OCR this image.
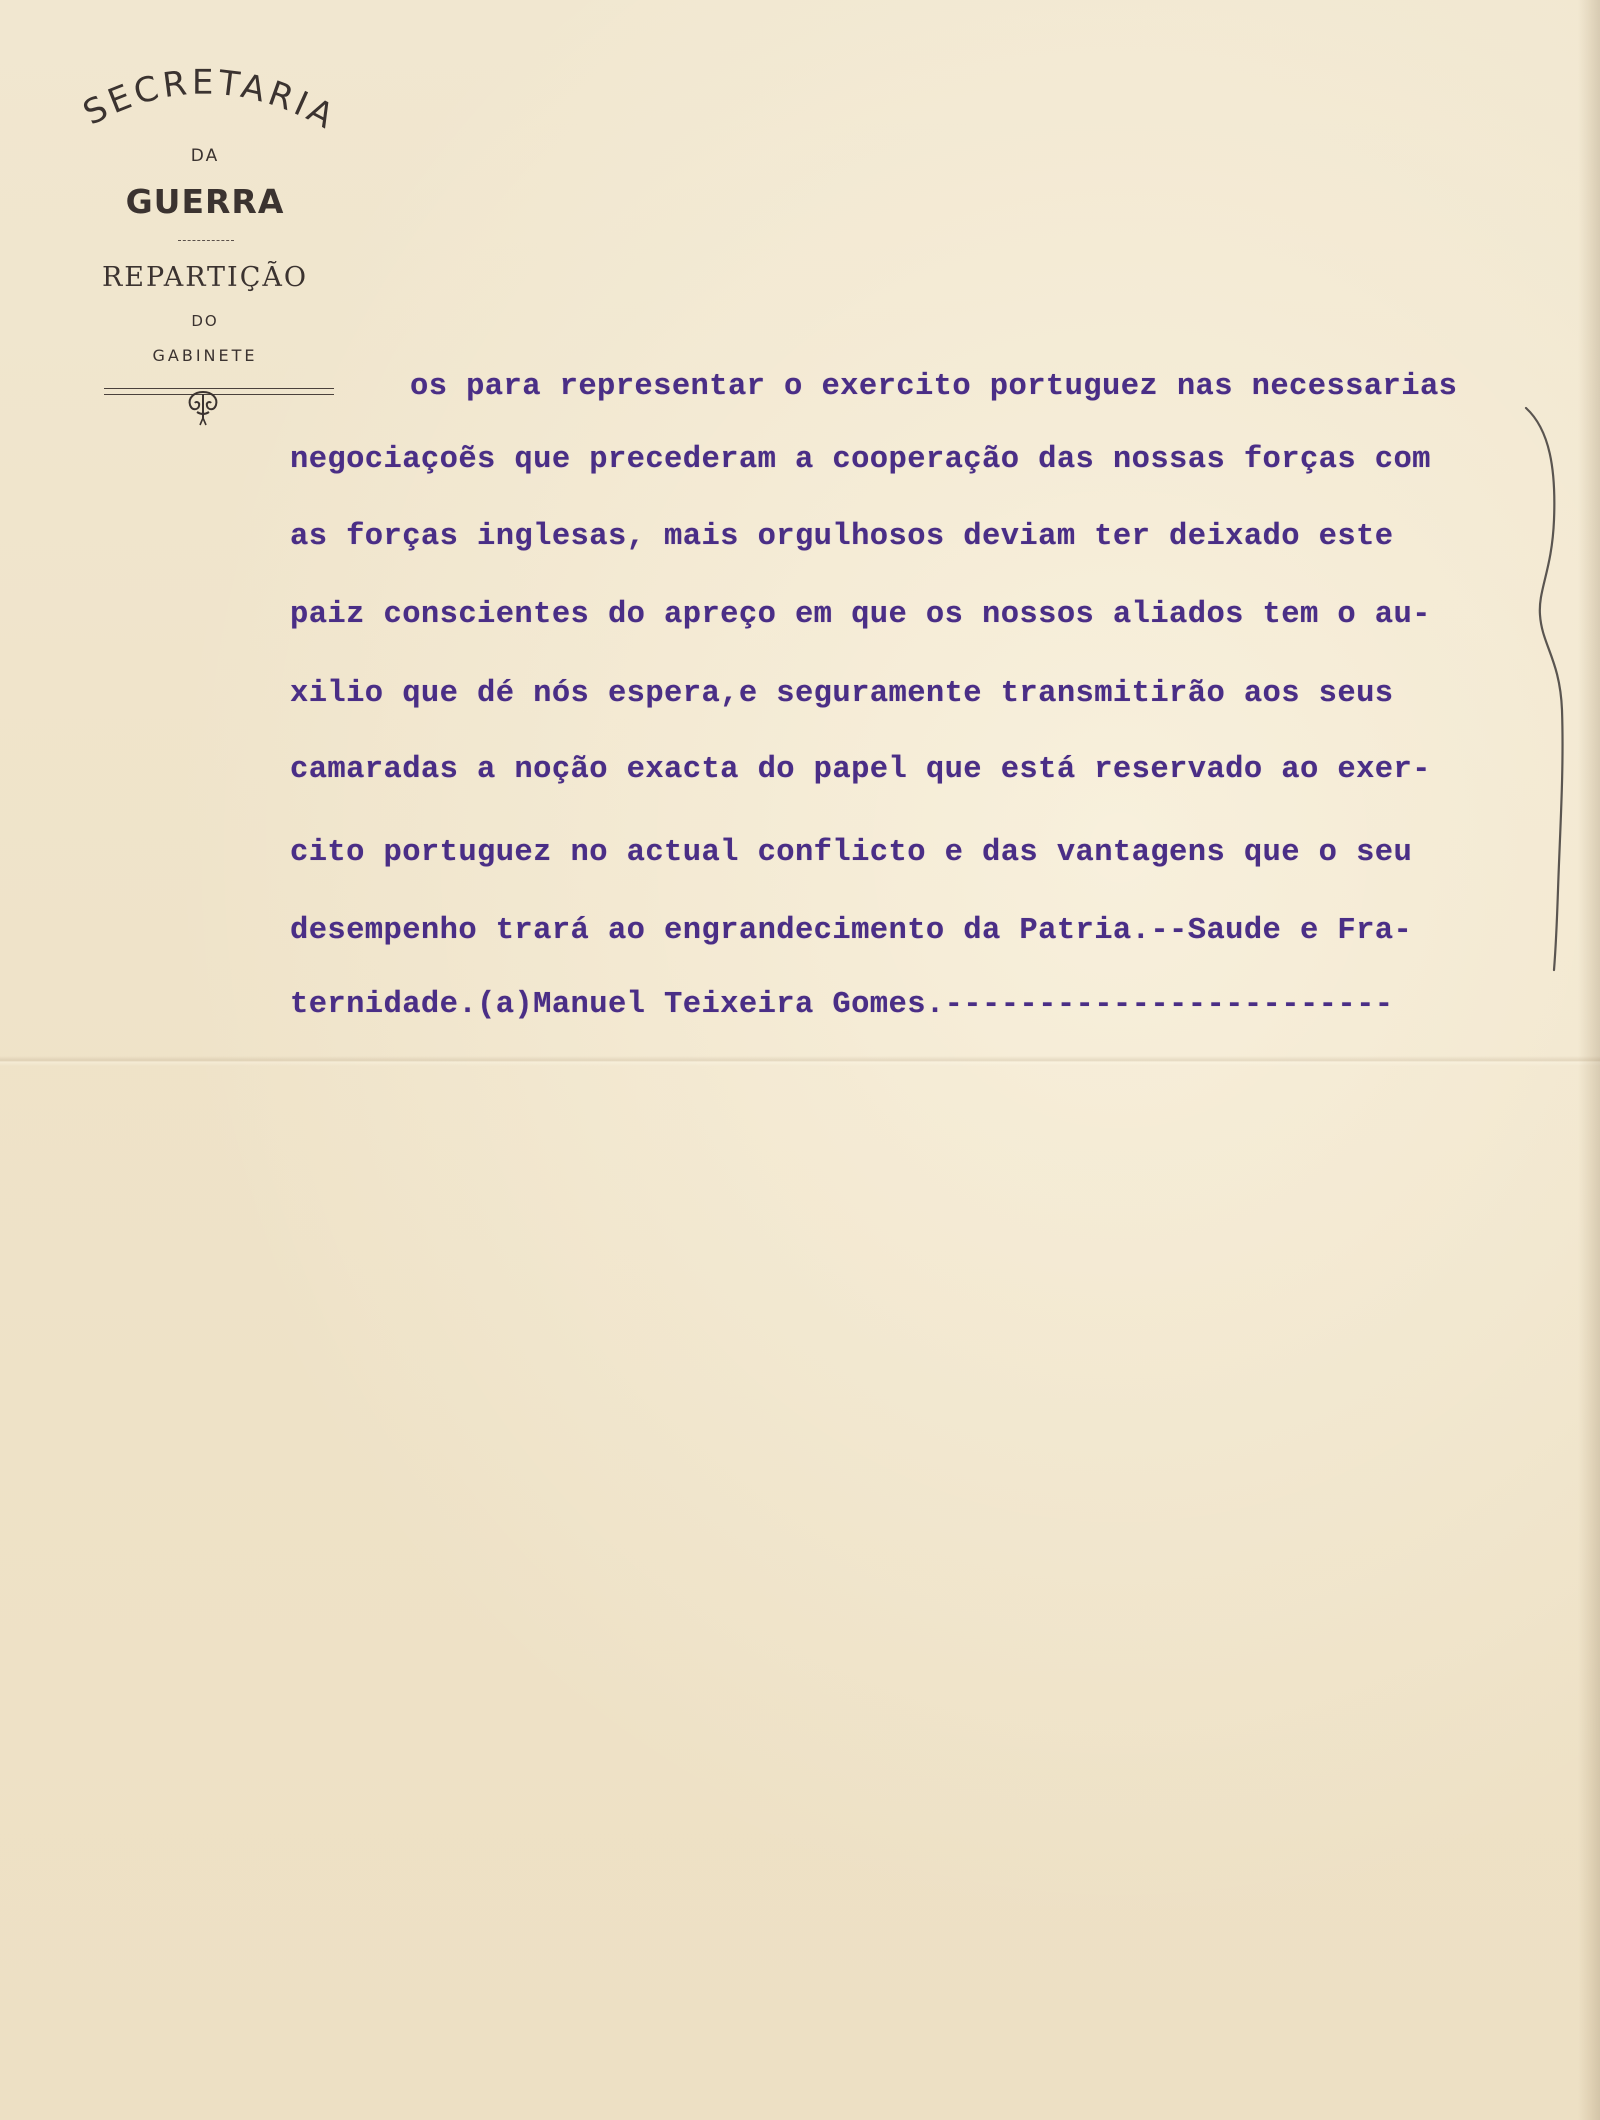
SECRETARIA
DA
GUERRA
REPARTIÇÃO
DO
GABINETE
os para representar o exercito portuguez nas necessarias
negociaçoẽs que precederam a cooperação das nossas forças com
as forças inglesas, mais orgulhosos deviam ter deixado este
paiz conscientes do apreço em que os nossos aliados tem o au-
xilio que dé nós espera,e seguramente transmitirão aos seus
camaradas a noção exacta do papel que está reservado ao exer-
cito portuguez no actual conflicto e das vantagens que o seu
desempenho trará ao engrandecimento da Patria.--Saude e Fra-
ternidade.(a)Manuel Teixeira Gomes.------------------------
